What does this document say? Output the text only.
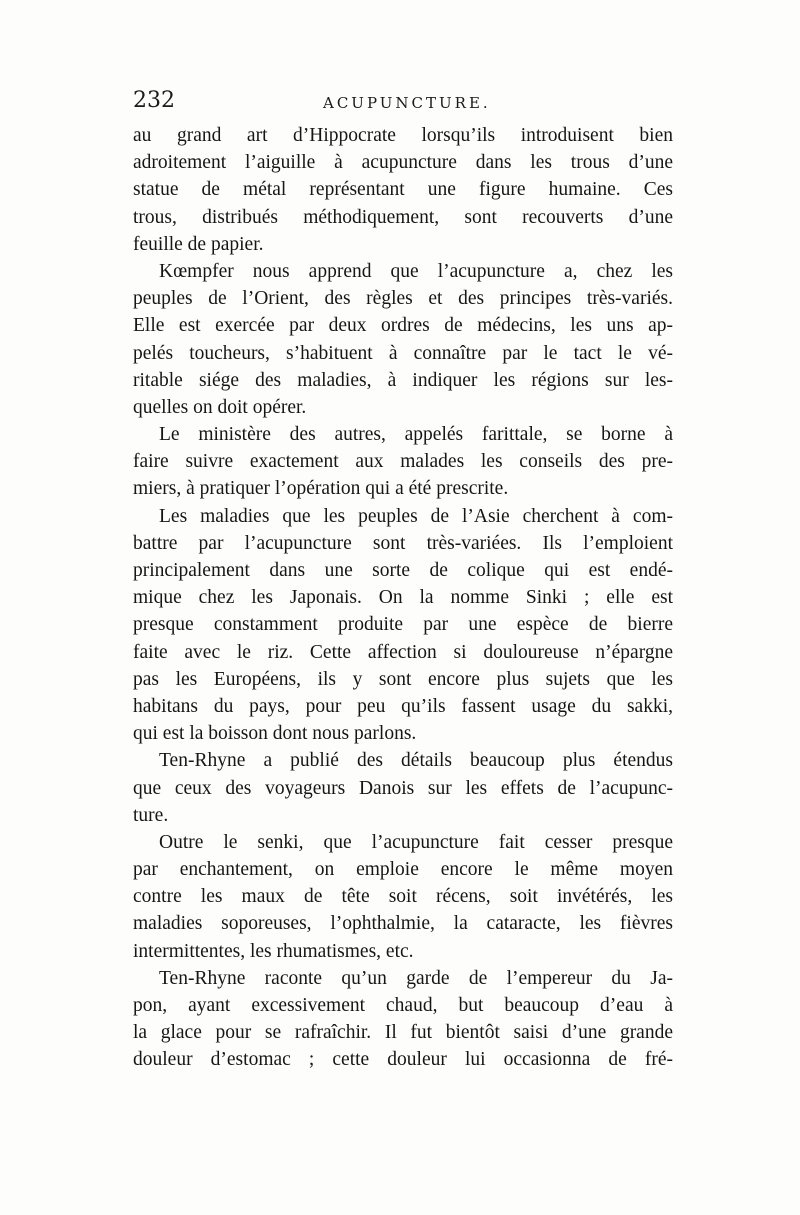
232	ACUPUNCTURE.
au grand art d’Hippocrate lorsqu’ils introduisent bien
adroitement l’aiguille à acupuncture dans les trous d’une
statue de métal représentant une figure humaine. Ces
trous, distribués méthodiquement, sont recouverts d’une
feuille de papier.
Kœmpfer nous apprend que l’acupuncture a, chez les
peuples de l’Orient, des règles et des principes très-variés.
Elle est exercée par deux ordres de médecins, les uns ap-
pelés toucheurs, s’habituent à connaître par le tact le vé-
ritable siége des maladies, à indiquer les régions sur les-
quelles on doit opérer.
Le ministère des autres, appelés farittale, se borne à
faire suivre exactement aux malades les conseils des pre-
miers, à pratiquer l’opération qui a été prescrite.
Les maladies que les peuples de l’Asie cherchent à com-
battre par l’acupuncture sont très-variées. Ils l’emploient
principalement dans une sorte de colique qui est endé-
mique chez les Japonais. On la nomme Sinki ; elle est
presque constamment produite par une espèce de bierre
faite avec le riz. Cette affection si douloureuse n’épargne
pas les Européens, ils y sont encore plus sujets que les
habitans du pays, pour peu qu’ils fassent usage du sakki,
qui est la boisson dont nous parlons.
Ten-Rhyne a publié des détails beaucoup plus étendus
que ceux des voyageurs Danois sur les effets de l’acupunc-
ture.
Outre le senki, que l’acupuncture fait cesser presque
par enchantement, on emploie encore le même moyen
contre les maux de tête soit récens, soit invétérés, les
maladies soporeuses, l’ophthalmie, la cataracte, les fièvres
intermittentes, les rhumatismes, etc.
Ten-Rhyne raconte qu’un garde de l’empereur du Ja-
pon, ayant excessivement chaud, but beaucoup d’eau à
la glace pour se rafraîchir. Il fut bientôt saisi d’une grande
douleur d’estomac ; cette douleur lui occasionna de fré-
